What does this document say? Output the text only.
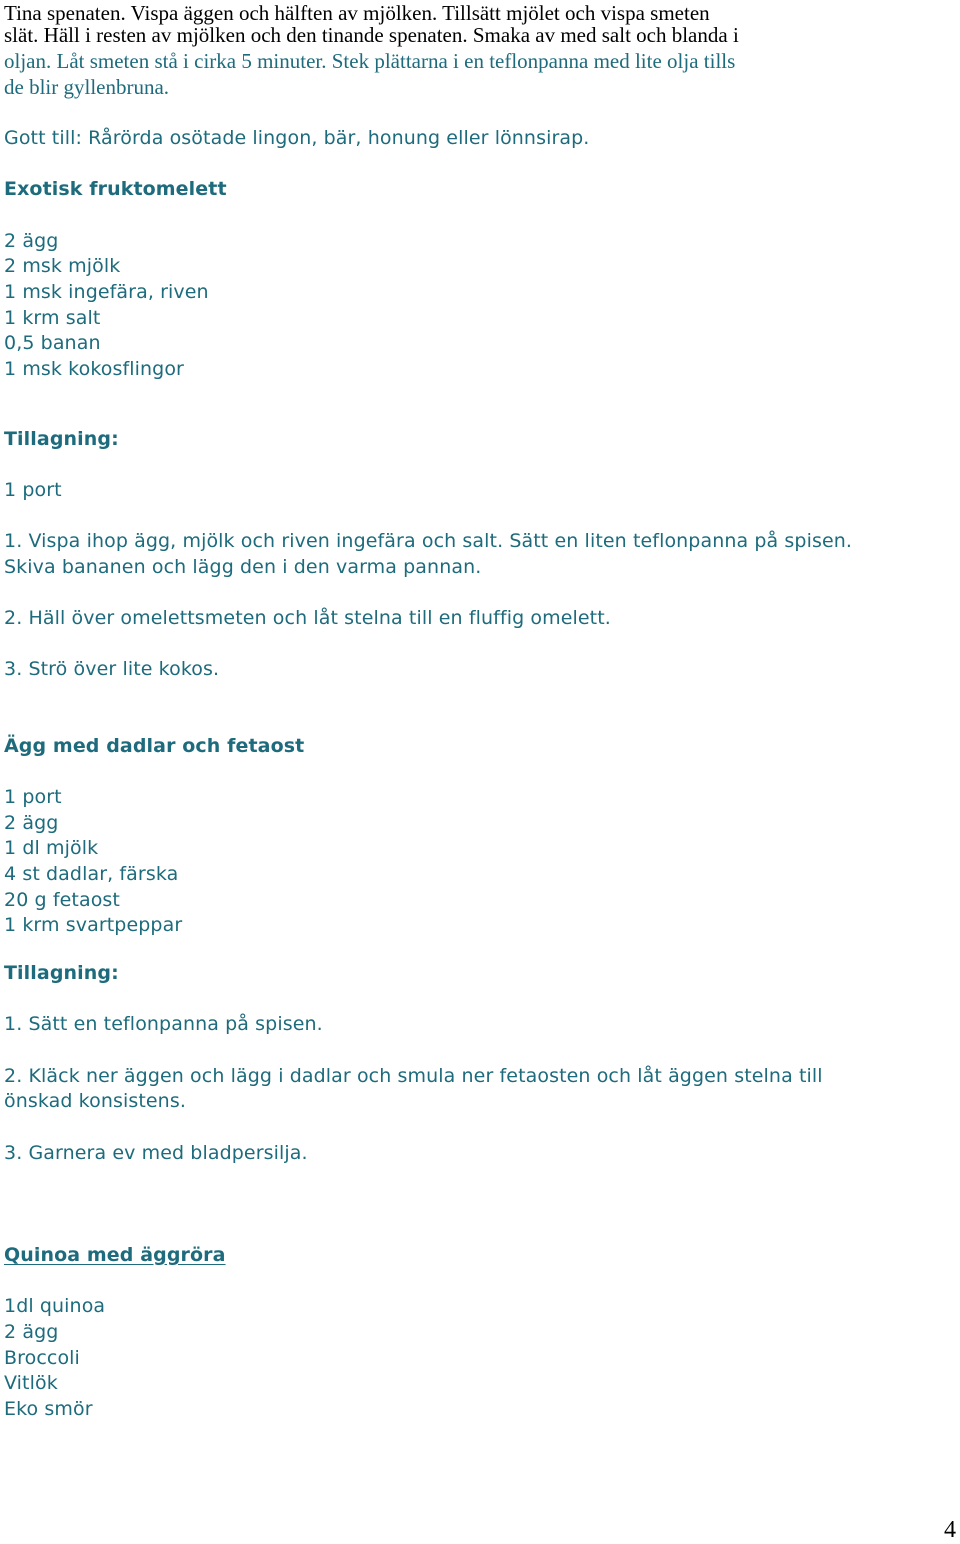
Tina spenaten. Vispa äggen och hälften av mjölken. Tillsätt mjölet och vispa smeten
slät. Häll i resten av mjölken och den tinande spenaten. Smaka av med salt och blanda i
oljan. Låt smeten stå i cirka 5 minuter. Stek plättarna i en teflonpanna med lite olja tills
de blir gyllenbruna.
Gott till: Rårörda osötade lingon, bär, honung eller lönnsirap.
Exotisk fruktomelett
2 ägg
2 msk mjölk
1 msk ingefära, riven
1 krm salt
0,5 banan
1 msk kokosflingor
Tillagning:
1 port
1. Vispa ihop ägg, mjölk och riven ingefära och salt. Sätt en liten teflonpanna på spisen.
Skiva bananen och lägg den i den varma pannan.
2. Häll över omelettsmeten och låt stelna till en fluffig omelett.
3. Strö över lite kokos.
Ägg med dadlar och fetaost
1 port
2 ägg
1 dl mjölk
4 st dadlar, färska
20 g fetaost
1 krm svartpeppar
Tillagning:
1. Sätt en teflonpanna på spisen.
2. Kläck ner äggen och lägg i dadlar och smula ner fetaosten och låt äggen stelna till
önskad konsistens.
3. Garnera ev med bladpersilja.
Quinoa med äggröra
1dl quinoa
2 ägg
Broccoli
Vitlök
Eko smör
4
